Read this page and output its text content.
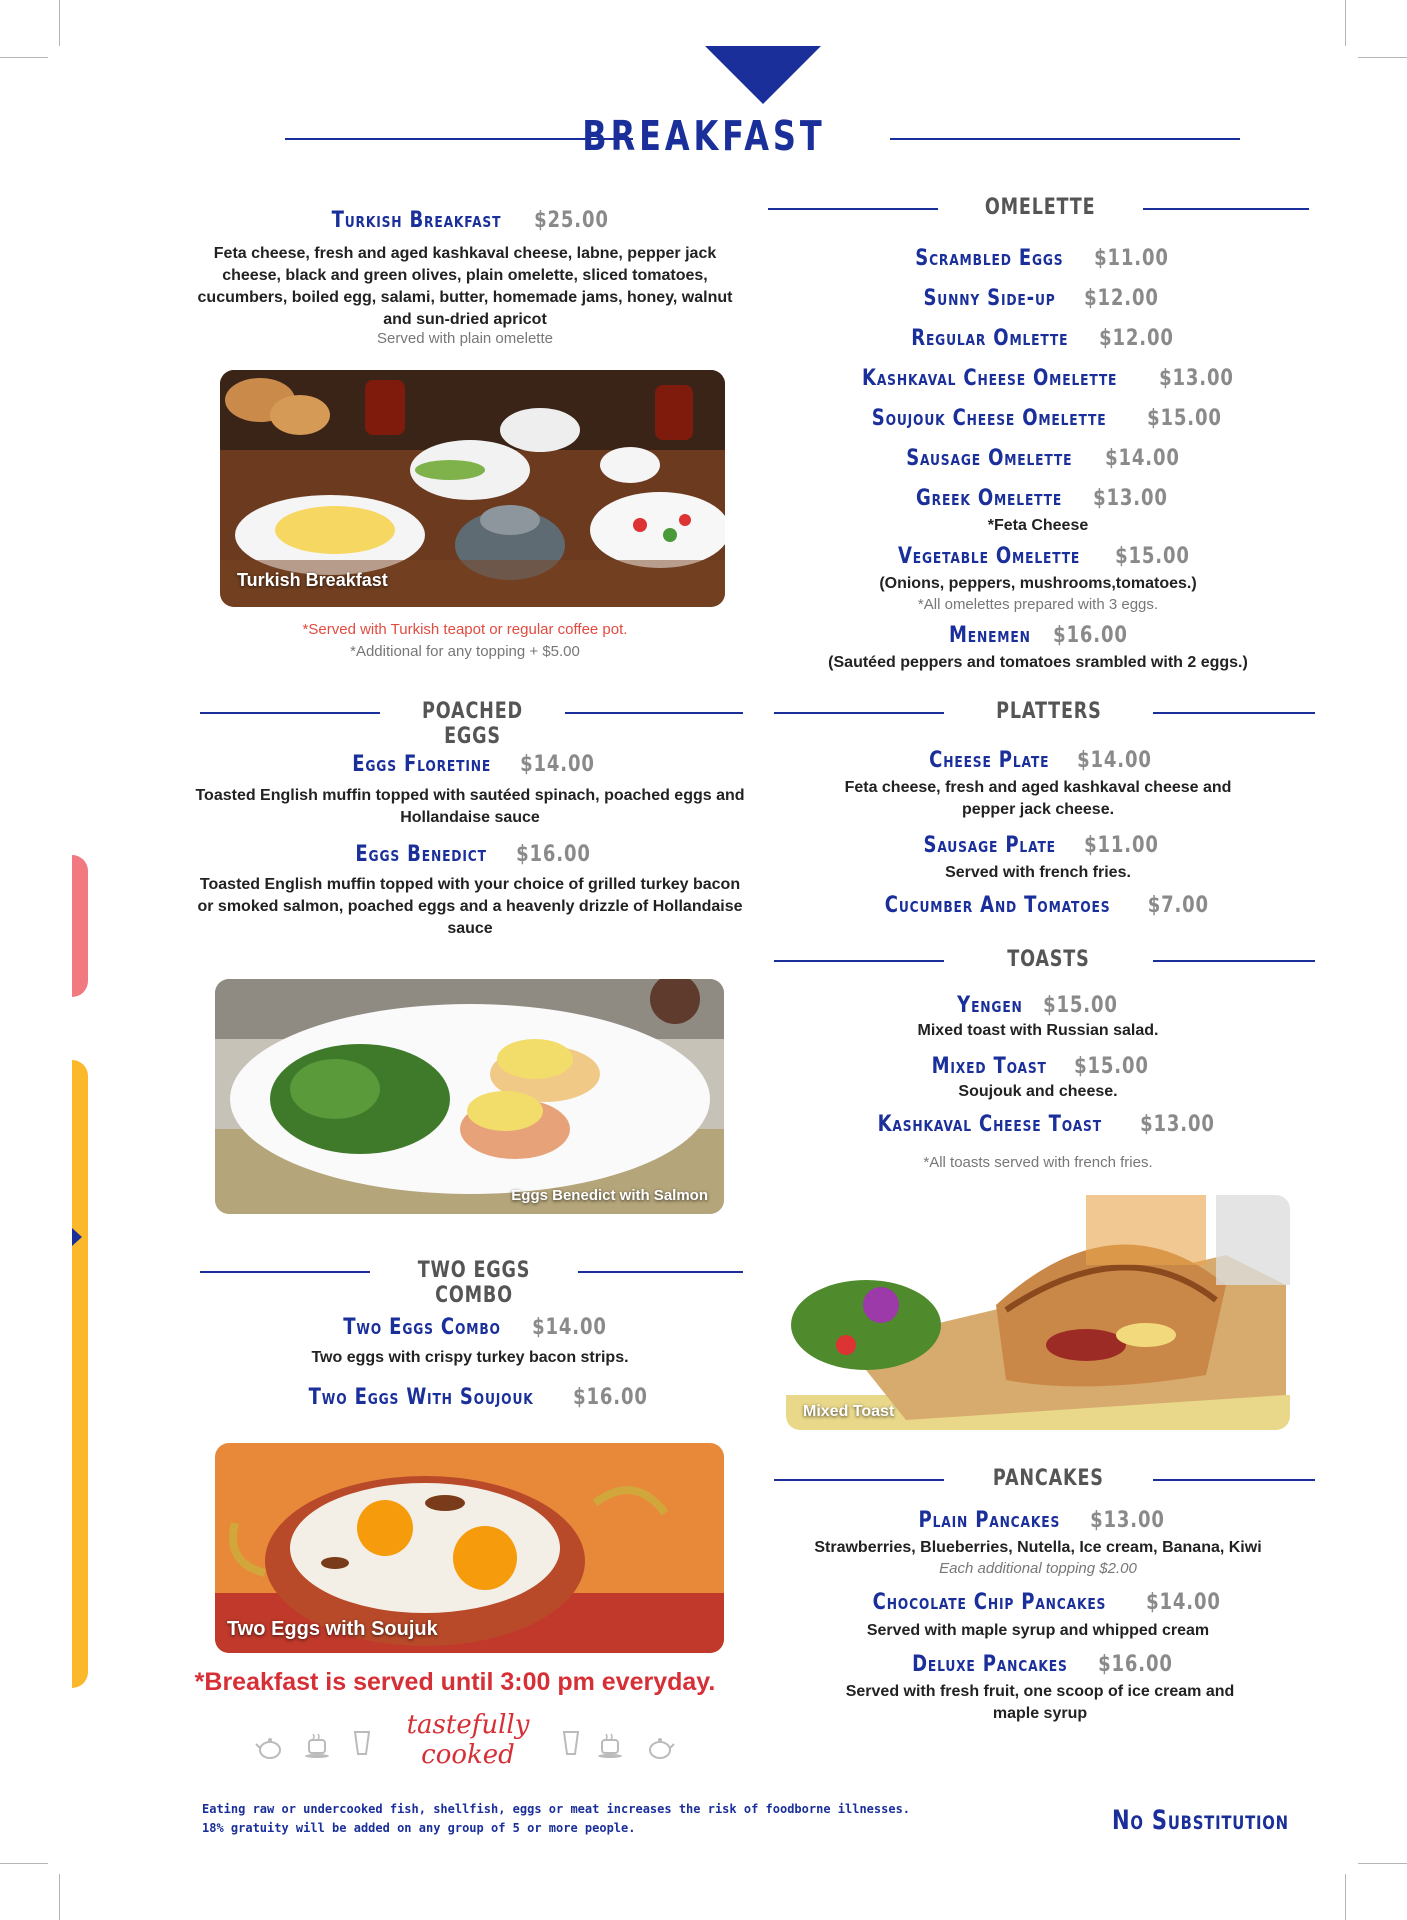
BREAKFAST
Turkish Breakfast $25.00
Feta cheese, fresh and aged kashkaval cheese, labne, pepper jack cheese, black and green olives, plain omelette, sliced tomatoes, cucumbers, boiled egg, salami, butter, homemade jams, honey, walnut and sun-dried apricot
Served with plain omelette
Turkish Breakfast
*Served with Turkish teapot or regular coffee pot.
*Additional for any topping + $5.00
POACHED EGGS
Eggs Floretine $14.00
Toasted English muffin topped with sautéed spinach, poached eggs and Hollandaise sauce
Eggs Benedict $16.00
Toasted English muffin topped with your choice of grilled turkey bacon or smoked salmon, poached eggs and a heavenly drizzle of Hollandaise sauce
Eggs Benedict with Salmon
TWO EGGS COMBO
Two Eggs Combo $14.00
Two eggs with crispy turkey bacon strips.
Two Eggs With Soujouk $16.00
Two Eggs with Soujuk
*Breakfast is served until 3:00 pm everyday.
tastefully
cooked
Eating raw or undercooked fish, shellfish, eggs or meat increases the risk of foodborne illnesses.
18% gratuity will be added on any group of 5 or more people.	No Substitution
OMELETTE
Scrambled Eggs $11.00
Sunny Side-up $12.00
Regular Omlette $12.00
Kashkaval Cheese Omelette $13.00
Soujouk Cheese Omelette $15.00
Sausage Omelette $14.00
Greek Omelette $13.00
*Feta Cheese
Vegetable Omelette $15.00
(Onions, peppers, mushrooms,tomatoes.)
*All omelettes prepared with 3 eggs.
Menemen $16.00
(Sautéed peppers and tomatoes srambled with 2 eggs.)
PLATTERS
Cheese Plate $14.00
Feta cheese, fresh and aged kashkaval cheese and pepper jack cheese.
Sausage Plate $11.00
Served with french fries.
Cucumber And Tomatoes $7.00
TOASTS
Yengen $15.00
Mixed toast with Russian salad.
Mixed Toast $15.00
Soujouk and cheese.
Kashkaval Cheese Toast $13.00
*All toasts served with french fries.
Mixed Toast
PANCAKES
Plain Pancakes $13.00
Strawberries, Blueberries, Nutella, Ice cream, Banana, Kiwi
Each additional topping $2.00
Chocolate Chip Pancakes $14.00
Served with maple syrup and whipped cream
Deluxe Pancakes $16.00
Served with fresh fruit, one scoop of ice cream and maple syrup
